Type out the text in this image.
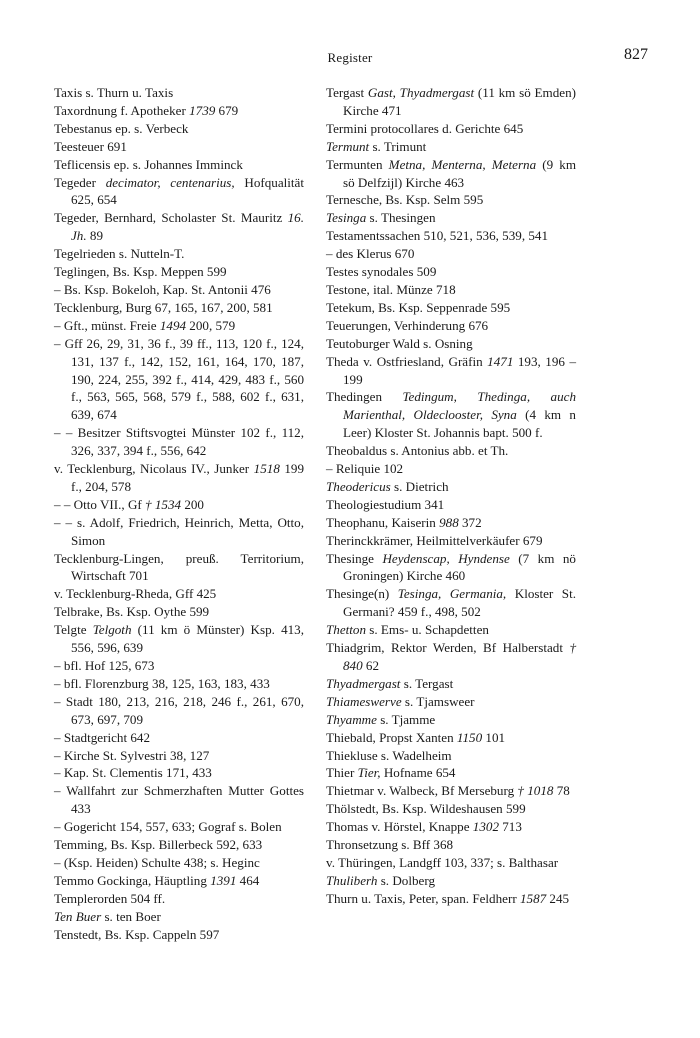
Register	827
Taxis s. Thurn u. Taxis
Taxordnung f. Apotheker 1739 679
Tebestanus ep. s. Verbeck
Teesteuer 691
Teflicensis ep. s. Johannes Imminck
Tegeder decimator, centenarius, Hofqualität 625, 654
Tegeder, Bernhard, Scholaster St. Mauritz 16. Jh. 89
Tegelrieden s. Nutteln-T.
Teglingen, Bs. Ksp. Meppen 599
– Bs. Ksp. Bokeloh, Kap. St. Antonii 476
Tecklenburg, Burg 67, 165, 167, 200, 581
– Gft., münst. Freie 1494 200, 579
– Gff 26, 29, 31, 36 f., 39 ff., 113, 120 f., 124, 131, 137 f., 142, 152, 161, 164, 170, 187, 190, 224, 255, 392 f., 414, 429, 483 f., 560 f., 563, 565, 568, 579 f., 588, 602 f., 631, 639, 674
– – Besitzer Stiftsvogtei Münster 102 f., 112, 326, 337, 394 f., 556, 642
v. Tecklenburg, Nicolaus IV., Junker 1518 199 f., 204, 578
– – Otto VII., Gf † 1534 200
– – s. Adolf, Friedrich, Heinrich, Metta, Otto, Simon
Tecklenburg-Lingen, preuß. Territorium, Wirtschaft 701
v. Tecklenburg-Rheda, Gff 425
Telbrake, Bs. Ksp. Oythe 599
Telgte Telgoth (11 km ö Münster) Ksp. 413, 556, 596, 639
– bfl. Hof 125, 673
– bfl. Florenzburg 38, 125, 163, 183, 433
– Stadt 180, 213, 216, 218, 246 f., 261, 670, 673, 697, 709
– Stadtgericht 642
– Kirche St. Sylvestri 38, 127
– Kap. St. Clementis 171, 433
– Wallfahrt zur Schmerzhaften Mutter Gottes 433
– Gogericht 154, 557, 633; Gograf s. Bolen
Temming, Bs. Ksp. Billerbeck 592, 633
– (Ksp. Heiden) Schulte 438; s. Heginc
Temmo Gockinga, Häuptling 1391 464
Templerorden 504 ff.
Ten Buer s. ten Boer
Tenstedt, Bs. Ksp. Cappeln 597
Tergast Gast, Thyadmergast (11 km sö Emden) Kirche 471
Termini protocollares d. Gerichte 645
Termunt s. Trimunt
Termunten Metna, Menterna, Meterna (9 km sö Delfzijl) Kirche 463
Ternesche, Bs. Ksp. Selm 595
Tesinga s. Thesingen
Testamentssachen 510, 521, 536, 539, 541
– des Klerus 670
Testes synodales 509
Testone, ital. Münze 718
Tetekum, Bs. Ksp. Seppenrade 595
Teuerungen, Verhinderung 676
Teutoburger Wald s. Osning
Theda v. Ostfriesland, Gräfin 1471 193, 196 – 199
Thedingen Tedingum, Thedinga, auch Marienthal, Oldeclooster, Syna (4 km n Leer) Kloster St. Johannis bapt. 500 f.
Theobaldus s. Antonius abb. et Th.
– Reliquie 102
Theodericus s. Dietrich
Theologiestudium 341
Theophanu, Kaiserin 988 372
Therinckkrämer, Heilmittelverkäufer 679
Thesinge Heydenscap, Hyndense (7 km nö Groningen) Kirche 460
Thesinge(n) Tesinga, Germania, Kloster St. Germani? 459 f., 498, 502
Thetton s. Ems- u. Schapdetten
Thiadgrim, Rektor Werden, Bf Halberstadt † 840 62
Thyadmergast s. Tergast
Thiameswerve s. Tjamsweer
Thyamme s. Tjamme
Thiebald, Propst Xanten 1150 101
Thiekluse s. Wadelheim
Thier Tier, Hofname 654
Thietmar v. Walbeck, Bf Merseburg † 1018 78
Thölstedt, Bs. Ksp. Wildeshausen 599
Thomas v. Hörstel, Knappe 1302 713
Thronsetzung s. Bff 368
v. Thüringen, Landgff 103, 337; s. Balthasar
Thuliberh s. Dolberg
Thurn u. Taxis, Peter, span. Feldherr 1587 245
